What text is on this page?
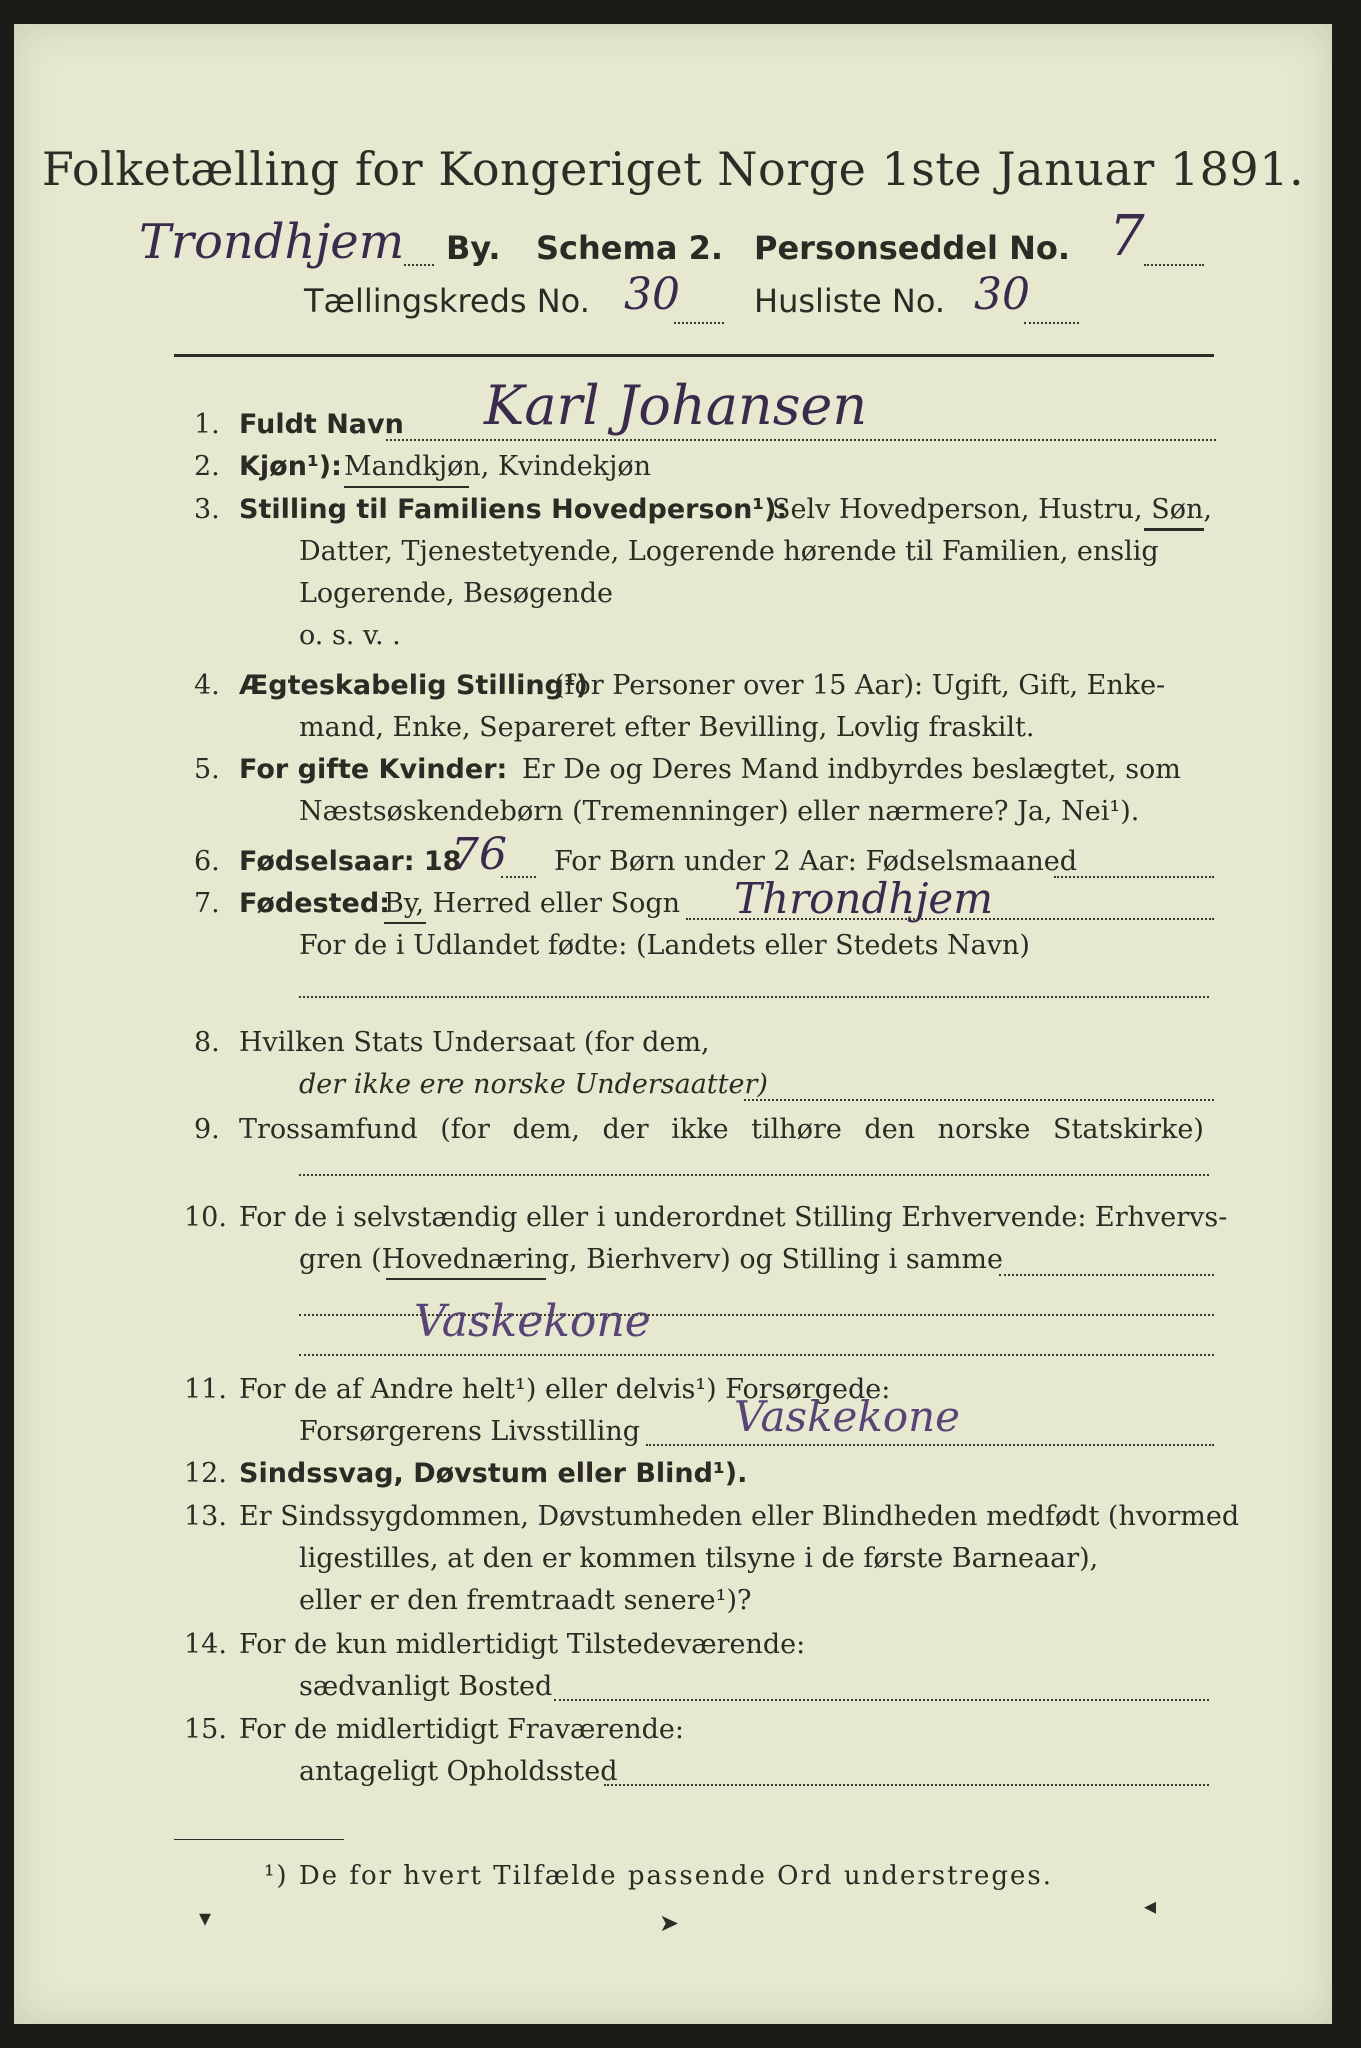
Folketælling for Kongeriget Norge 1ste Januar 1891.
Trondhjem By. Schema 2. Personseddel No. 7
Tællingskreds No. 30 Husliste No. 30
1. Fuldt Navn Karl Johansen
2. Kjøn¹): Mandkjøn, Kvindekjøn
3. Stilling til Familiens Hovedperson¹):
Selv Hovedperson, Hustru, Søn,
Datter, Tjenestetyende, Logerende hørende til Familien, enslig
Logerende, Besøgende
o. s. v. .
4. Ægteskabelig Stilling¹)
(for Personer over 15 Aar): Ugift, Gift, Enke-
mand, Enke, Separeret efter Bevilling, Lovlig fraskilt.
5. For gifte Kvinder: Er De og Deres Mand indbyrdes beslægtet, som
Næstsøskendebørn (Tremenninger) eller nærmere? Ja, Nei¹).
6. Fødselsaar: 18
76 For Børn under 2 Aar: Fødselsmaaned
7. Fødested:
By, Herred eller Sogn Throndhjem
For de i Udlandet fødte: (Landets eller Stedets Navn)
8. Hvilken Stats Undersaat (for dem,
der ikke ere norske Undersaatter)
9. Trossamfund (for dem, der ikke tilhøre den norske Statskirke)
10. For de i selvstændig eller i underordnet Stilling Erhvervende: Erhvervs-
gren (Hovednæring, Bierhverv) og Stilling i samme
Vaskekone
11. For de af Andre helt¹) eller delvis¹) Forsørgede:
Forsørgerens Livsstilling Vaskekone
12. Sindssvag, Døvstum eller Blind¹).
13. Er Sindssygdommen, Døvstumheden eller Blindheden medfødt (hvormed
ligestilles, at den er kommen tilsyne i de første Barneaar),
eller er den fremtraadt senere¹)?
14. For de kun midlertidigt Tilstedeværende:
sædvanligt Bosted
15. For de midlertidigt Fraværende:
antageligt Opholdssted
¹) De for hvert Tilfælde passende Ord understreges.
▾	➤
◂
